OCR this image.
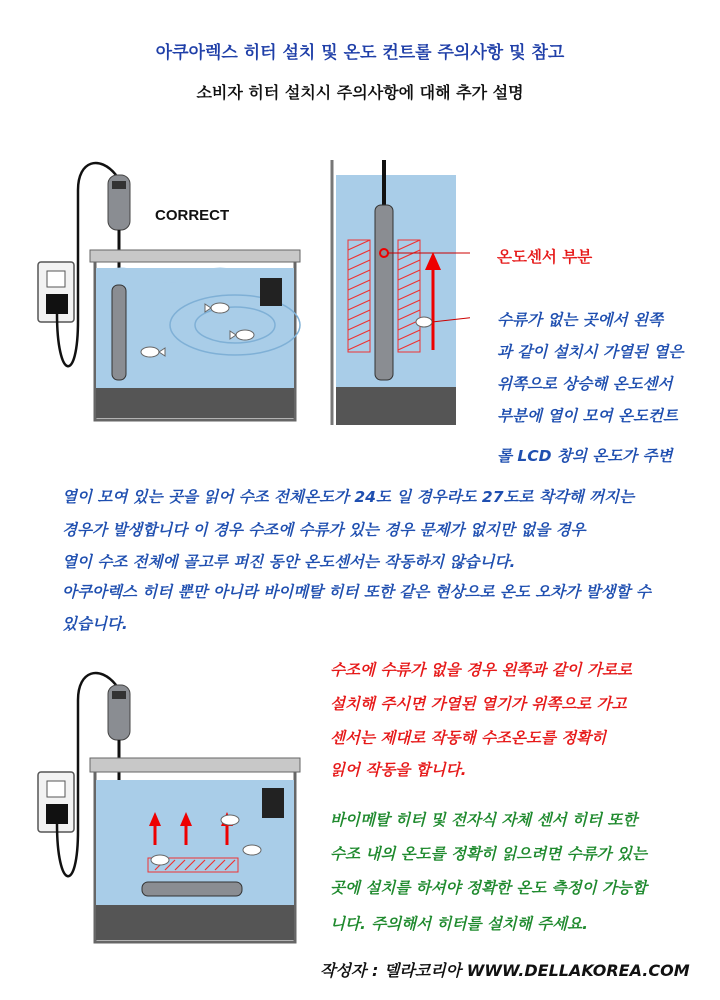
아쿠아렉스 히터 설치 및 온도 컨트롤 주의사항 및 참고
소비자 히터 설치시 주의사항에 대해 추가 설명
CORRECT
온도센서 부분
수류가 없는 곳에서 왼쪽
과 같이 설치시 가열된 열은
위쪽으로 상승해 온도센서
부분에 열이 모여 온도컨트
롤 LCD 창의 온도가 주변
열이 모여 있는 곳을 읽어 수조 전체온도가 24도 일 경우라도 27도로 착각해 꺼지는
경우가 발생합니다 이 경우 수조에 수류가 있는 경우 문제가 없지만 없을 경우
열이 수조 전체에 골고루 퍼진 동안 온도센서는 작동하지 않습니다.
아쿠아렉스 히터 뿐만 아니라 바이메탈 히터 또한 같은 현상으로 온도 오차가 발생할 수
있습니다.
수조에 수류가 없을 경우 왼쪽과 같이 가로로
설치해 주시면 가열된 열기가 위쪽으로 가고
센서는 제대로 작동해 수조온도를 정확히
읽어 작동을 합니다.
바이메탈 히터 및 전자식 자체 센서 히터 또한
수조 내의 온도를 정확히 읽으려면 수류가 있는
곳에 설치를 하셔야 정확한 온도 측정이 가능합
니다. 주의해서 히터를 설치해 주세요.
작성자 : 델라코리아 WWW.DELLAKOREA.COM
